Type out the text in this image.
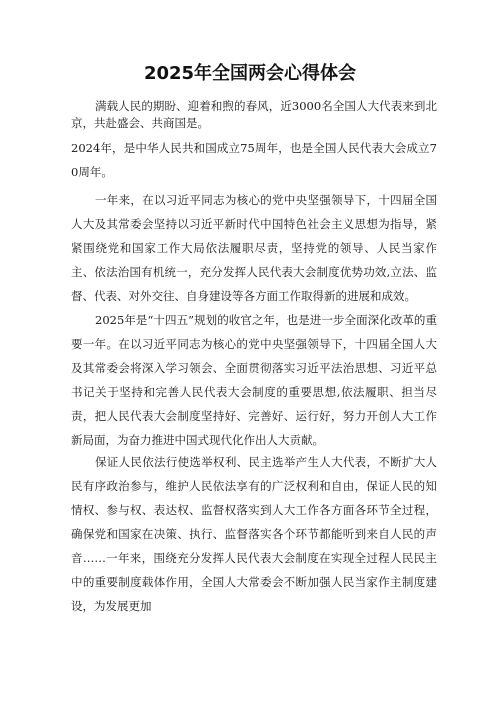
2025年全国两会心得体会

满载人民的期盼、迎着和煦的春风，近3000名全国人大代表来到北京，共赴盛会、共商国是。

2024年，是中华人民共和国成立75周年，也是全国人民代表大会成立70周年。

一年来，在以习近平同志为核心的党中央坚强领导下，十四届全国人大及其常委会坚持以习近平新时代中国特色社会主义思想为指导，紧紧围绕党和国家工作大局依法履职尽责，坚持党的领导、人民当家作主、依法治国有机统一，充分发挥人民代表大会制度优势功效,立法、监督、代表、对外交往、自身建设等各方面工作取得新的进展和成效。

2025年是“十四五”规划的收官之年，也是进一步全面深化改革的重要一年。在以习近平同志为核心的党中央坚强领导下，十四届全国人大及其常委会将深入学习领会、全面贯彻落实习近平法治思想、习近平总书记关于坚持和完善人民代表大会制度的重要思想,依法履职、担当尽责，把人民代表大会制度坚持好、完善好、运行好，努力开创人大工作新局面，为奋力推进中国式现代化作出人大贡献。

保证人民依法行使选举权利、民主选举产生人大代表，不断扩大人民有序政治参与，维护人民依法享有的广泛权利和自由，保证人民的知情权、参与权、表达权、监督权落实到人大工作各方面各环节全过程，确保党和国家在决策、执行、监督落实各个环节都能听到来自人民的声音……一年来，围绕充分发挥人民代表大会制度在实现全过程人民民主中的重要制度载体作用，全国人大常委会不断加强人民当家作主制度建设，为发展更加
